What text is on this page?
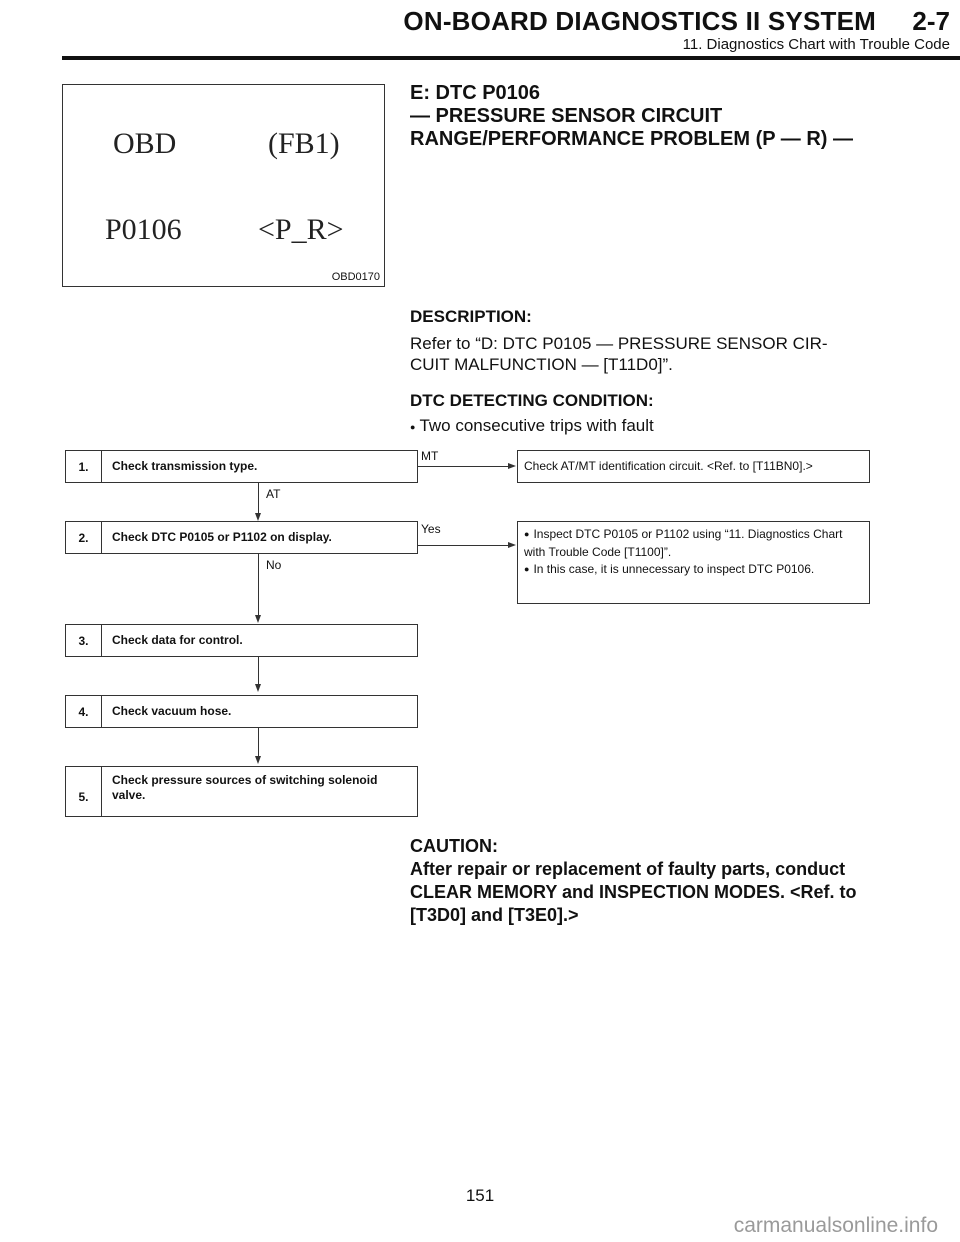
ON-BOARD DIAGNOSTICS II SYSTEM 2-7
11. Diagnostics Chart with Trouble Code
OBD	(FB1)
P0106	<P_R>
OBD0170
E: DTC P0106
— PRESSURE SENSOR CIRCUIT
RANGE/PERFORMANCE PROBLEM (P — R) —
DESCRIPTION:
Refer to “D: DTC P0105 — PRESSURE SENSOR CIR-
CUIT MALFUNCTION — [T11D0]”.
DTC DETECTING CONDITION:
● Two consecutive trips with fault
1.	Check transmission type.
MT
Check AT/MT identification circuit. <Ref. to [T11BN0].>
AT
2.	Check DTC P0105 or P1102 on display.
Yes
●	Inspect DTC P0105 or P1102 using “11. Diagnostics Chart with Trouble Code [T1100]”.
● In this case, it is unnecessary to inspect DTC P0106.
No
3.	Check data for control.
4.	Check vacuum hose.
5.
Check pressure sources of switching solenoid valve.
CAUTION:
After repair or replacement of faulty parts, conduct
CLEAR MEMORY and INSPECTION MODES. <Ref. to
[T3D0] and [T3E0].>
151
carmanualsonline.info
